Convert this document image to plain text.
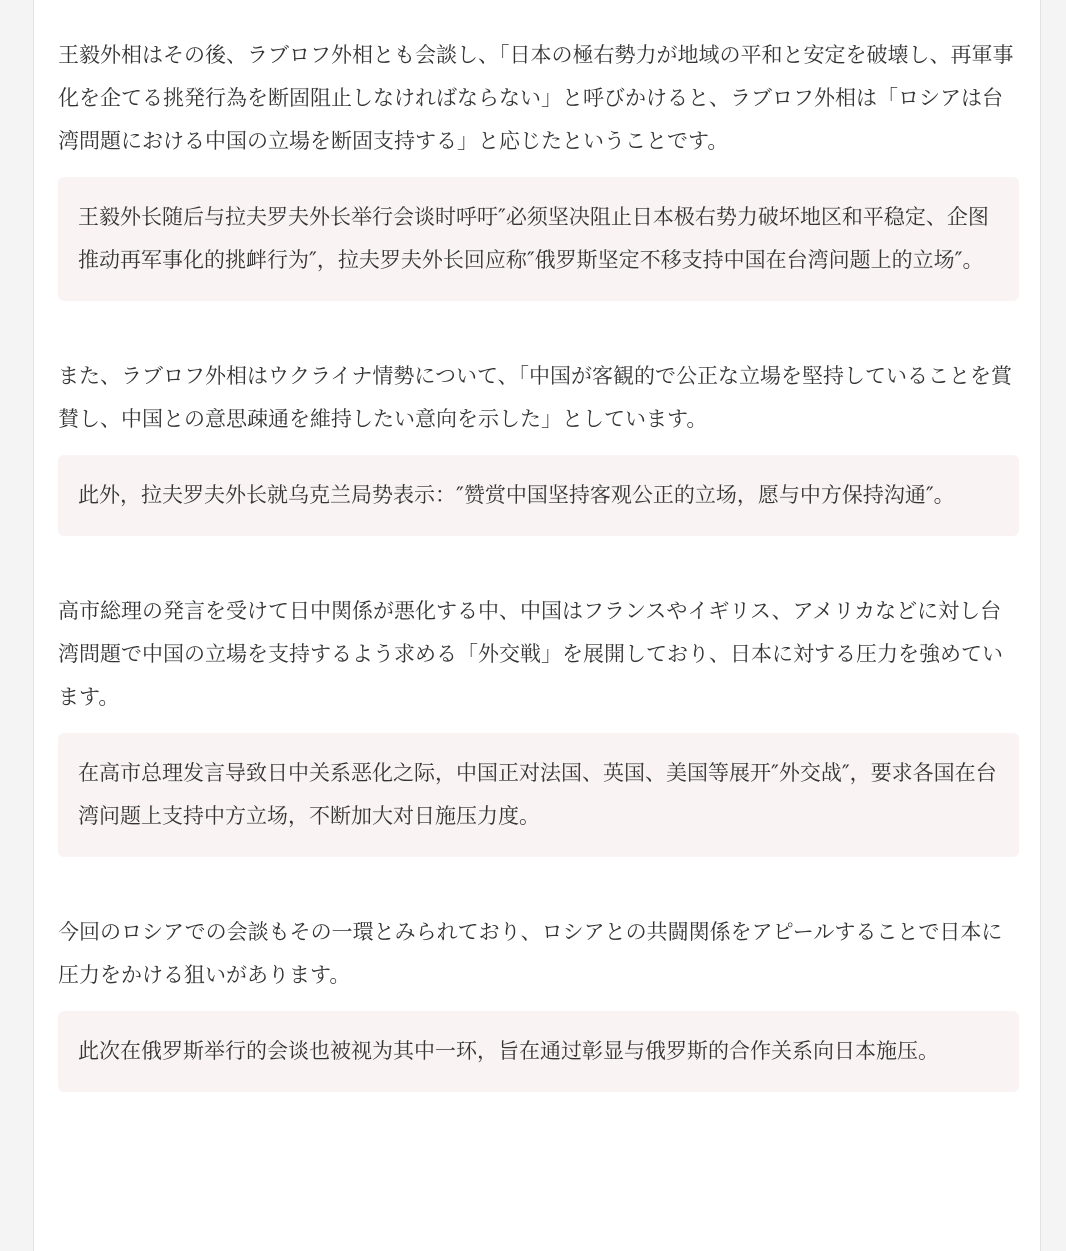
王毅外相はその後、ラブロフ外相とも会談し、「日本の極右勢力が地域の平和と安定を破壊し、再軍事化を企てる挑発行為を断固阻止しなければならない」と呼びかけると、ラブロフ外相は「ロシアは台湾問題における中国の立場を断固支持する」と応じたということです。

王毅外长随后与拉夫罗夫外长举行会谈时呼吁″必须坚决阻止日本极右势力破坏地区和平稳定、企图推动再军事化的挑衅行为″，拉夫罗夫外长回应称″俄罗斯坚定不移支持中国在台湾问题上的立场″。

また、ラブロフ外相はウクライナ情勢について、「中国が客観的で公正な立場を堅持していることを賞賛し、中国との意思疎通を維持したい意向を示した」としています。

此外，拉夫罗夫外长就乌克兰局势表示：″赞赏中国坚持客观公正的立场，愿与中方保持沟通″。

高市総理の発言を受けて日中関係が悪化する中、中国はフランスやイギリス、アメリカなどに対し台湾問題で中国の立場を支持するよう求める「外交戦」を展開しており、日本に対する圧力を強めています。

在高市总理发言导致日中关系恶化之际，中国正对法国、英国、美国等展开″外交战″，要求各国在台湾问题上支持中方立场，不断加大对日施压力度。

今回のロシアでの会談もその一環とみられており、ロシアとの共闘関係をアピールすることで日本に圧力をかける狙いがあります。

此次在俄罗斯举行的会谈也被视为其中一环，旨在通过彰显与俄罗斯的合作关系向日本施压。
